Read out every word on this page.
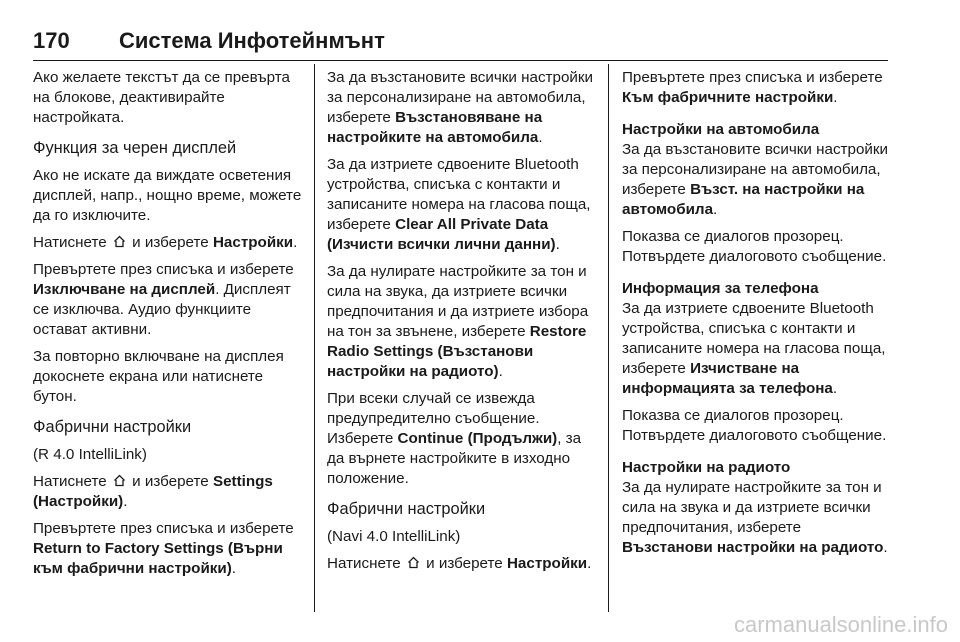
170 Система Инфотейнмънт

Ако желаете текстът да се превърта на блокове, деактивирайте настройката.

Функция за черен дисплей

Ако не искате да виждате осветения дисплей, напр., нощно време, можете да го изключите.

Натиснете и изберете Настройки.

Превъртете през списъка и изберете Изключване на дисплей. Дисплеят се изключва. Аудио функциите остават активни.

За повторно включване на дисплея докоснете екрана или натиснете бутон.

Фабрични настройки

(R 4.0 IntelliLink)

Натиснете и изберете Settings (Настройки).

Превъртете през списъка и изберете Return to Factory Settings (Върни към фабрични настройки).

За да възстановите всички настройки за персонализиране на автомобила, изберете Възстановяване на настройките на автомобила.

За да изтриете сдвоените Bluetooth устройства, списъка с контакти и записаните номера на гласова поща, изберете Clear All Private Data (Изчисти всички лични данни).

За да нулирате настройките за тон и сила на звука, да изтриете всички предпочитания и да изтриете избора на тон за звънене, изберете Restore Radio Settings (Възстанови настройки на радиото).

При всеки случай се извежда предупредително съобщение. Изберете Continue (Продължи), за да върнете настройките в изходно положение.

Фабрични настройки

(Navi 4.0 IntelliLink)

Натиснете и изберете Настройки.

Превъртете през списъка и изберете Към фабричните настройки.

Настройки на автомобила

За да възстановите всички настройки за персонализиране на автомобила, изберете Възст. на настройки на автомобила.

Показва се диалогов прозорец. Потвърдете диалоговото съобщение.

Информация за телефона

За да изтриете сдвоените Bluetooth устройства, списъка с контакти и записаните номера на гласова поща, изберете Изчистване на информацията за телефона.

Показва се диалогов прозорец. Потвърдете диалоговото съобщение.

Настройки на радиото

За да нулирате настройките за тон и сила на звука и да изтриете всички предпочитания, изберете Възстанови настройки на радиото.

carmanualsonline.info
